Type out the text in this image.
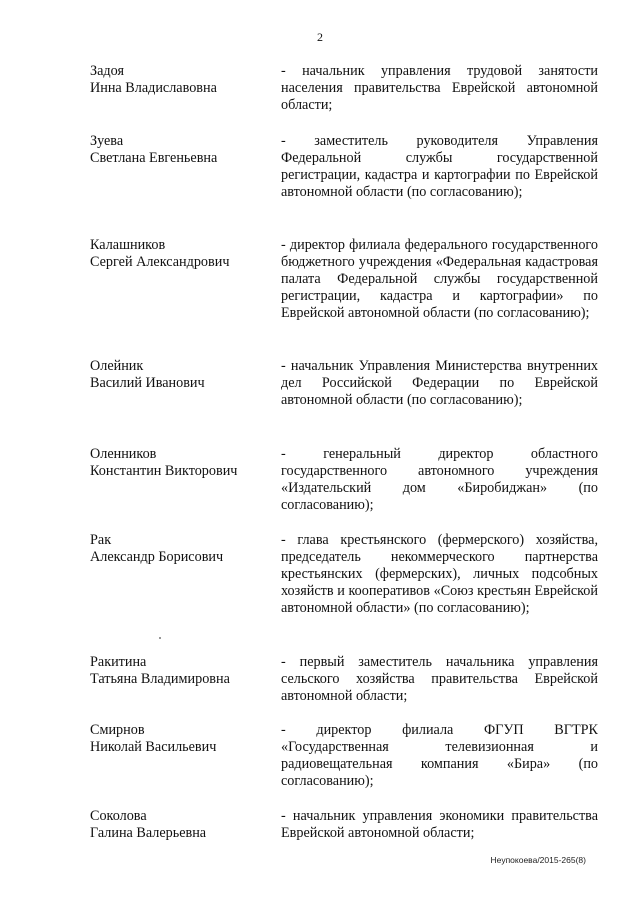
2
Задоя
Инна Владиславовна
- начальник управления трудовой занятости населения правительства Еврейской автономной области;
Зуева
Светлана Евгеньевна
- заместитель руководителя Управления Федеральной службы государственной регистрации, кадастра и картографии по Еврейской автономной области (по согласованию);
Калашников
Сергей Александрович
- директор филиала федерального государственного бюджетного учреждения «Федеральная кадастровая палата Федеральной службы государственной регистрации, кадастра и картографии» по Еврейской автономной области (по согласованию);
Олейник
Василий Иванович
- начальник Управления Министерства внутренних дел Российской Федерации по Еврейской автономной области (по согласованию);
Оленников
Константин Викторович
- генеральный директор областного государственного автономного учреждения «Издательский дом «Биробиджан» (по согласованию);
Рак
Александр Борисович
- глава крестьянского (фермерского) хозяйства, председатель некоммерческого партнерства крестьянских (фермерских), личных подсобных хозяйств и кооперативов «Союз крестьян Еврейской автономной области» (по согласованию);
Ракитина
Татьяна Владимировна
- первый заместитель начальника управления сельского хозяйства правительства Еврейской автономной области;
Смирнов
Николай Васильевич
- директор филиала ФГУП ВГТРК «Государственная телевизионная и радиовещательная компания «Бира» (по согласованию);
Соколова
Галина Валерьевна
- начальник управления экономики правительства Еврейской автономной области;
Неупокоева/2015-265(8)
